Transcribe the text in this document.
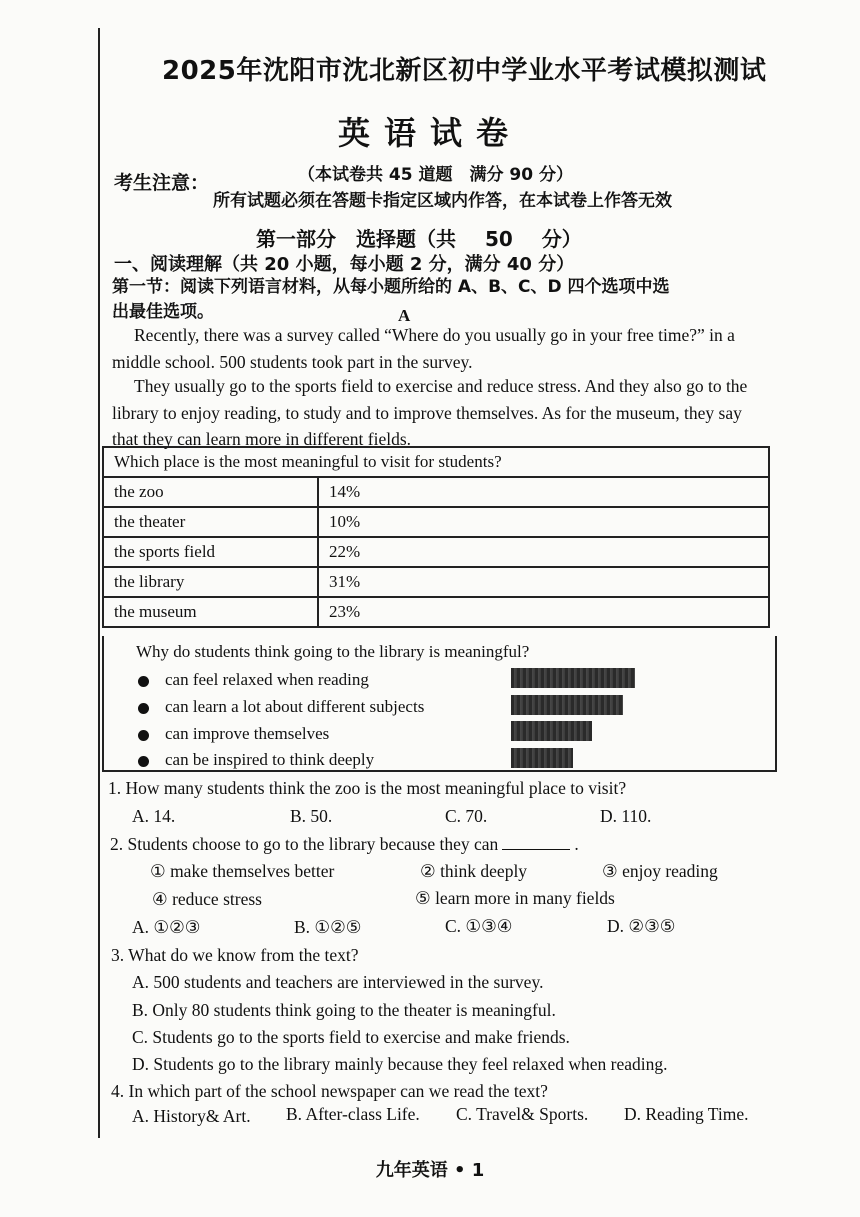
2025年沈阳市沈北新区初中学业水平考试模拟测试
英语试卷
（本试卷共 45 道题　满分 90 分）
考生注意：
所有试题必须在答题卡指定区域内作答，在本试卷上作答无效
第一部分　选择题（共 50 分）
一、阅读理解（共 20 小题，每小题 2 分，满分 40 分）
第一节：阅读下列语言材料，从每小题所给的 A、B、C、D 四个选项中选
出最佳选项。	A
Recently, there was a survey called “Where do you usually go in your free time?” in a middle school. 500 students took part in the survey.
They usually go to the sports field to exercise and reduce stress. And they also go to the library to enjoy reading, to study and to improve themselves. As for the museum, they say that they can learn more in different fields.
Which place is the most meaningful to visit for students?	
the zoo	14%
the theater	10%
the sports field	22%
the library	31%
the museum	23%
Why do students think going to the library is meaningful?
can feel relaxed when reading
can learn a lot about different subjects
can improve themselves
can be inspired to think deeply
1. How many students think the zoo is the most meaningful place to visit?
A. 14.	B. 50.	C. 70.	D. 110.
2. Students choose to go to the library because they can	.
① make themselves better	② think deeply	③ enjoy reading
④ reduce stress	⑤ learn more in many fields
A. ①②③	B. ①②⑤	C. ①③④	D. ②③⑤
3. What do we know from the text?
A. 500 students and teachers are interviewed in the survey.
B. Only 80 students think going to the theater is meaningful.
C. Students go to the sports field to exercise and make friends.
D. Students go to the library mainly because they feel relaxed when reading.
4. In which part of the school newspaper can we read the text?
A. History& Art. B. After-class Life. C. Travel& Sports. D. Reading Time.
九年英语 • 1
